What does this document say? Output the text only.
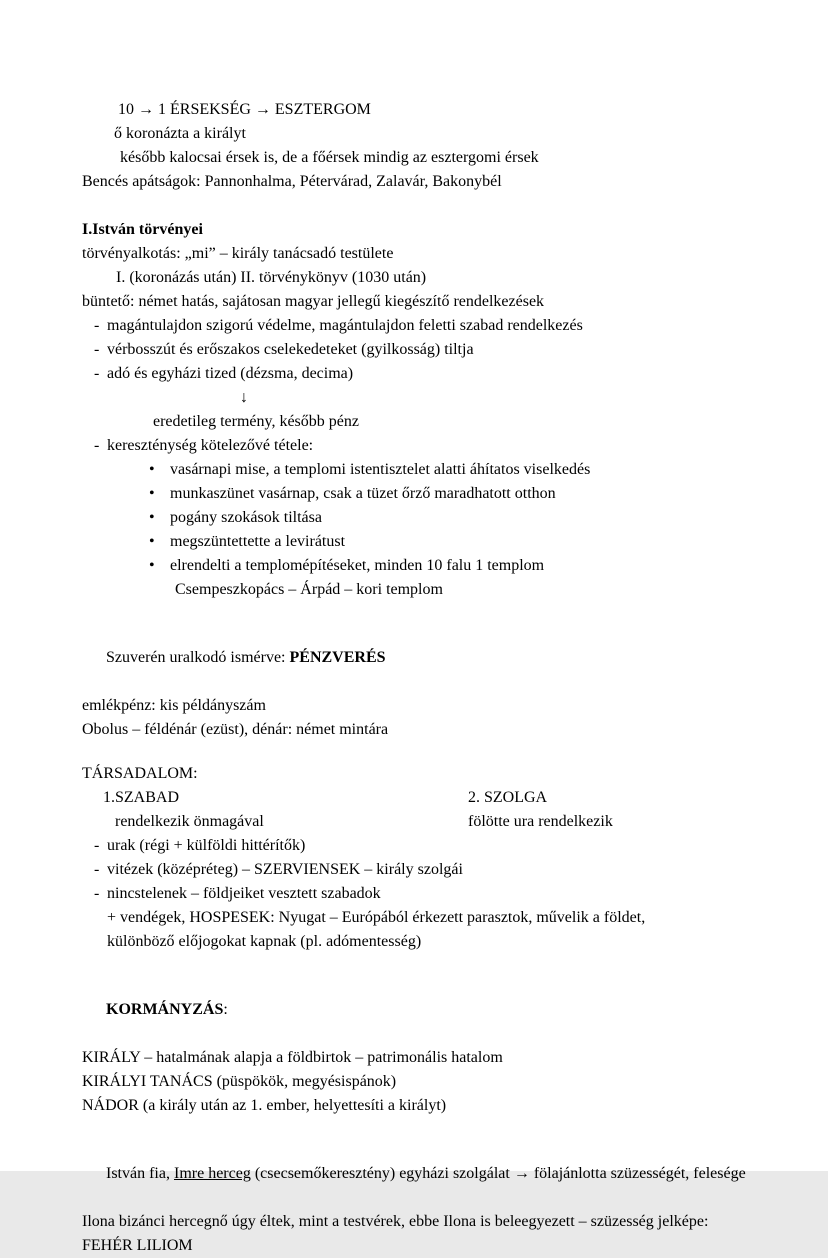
10 → 1 ÉRSEKSÉG → ESZTERGOM
ő koronázta a királyt
később kalocsai érsek is, de a főérsek mindig az esztergomi érsek
Bencés apátságok: Pannonhalma, Pétervárad, Zalavár, Bakonybél
I.István törvényei
törvényalkotás: „mi” – király tanácsadó testülete
I. (koronázás után) II. törvénykönyv (1030 után)
büntető: német hatás, sajátosan magyar jellegű kiegészítő rendelkezések
- magántulajdon szigorú védelme, magántulajdon feletti szabad rendelkezés
- vérbosszút és erőszakos cselekedeteket (gyilkosság) tiltja
- adó és egyházi tized (dézsma, decima)
↓
eredetileg termény, később pénz
- kereszténység kötelezővé tétele:
• vasárnapi mise, a templomi istentisztelet alatti áhítatos viselkedés
• munkaszünet vasárnap, csak a tüzet őrző maradhatott otthon
• pogány szokások tiltása
• megszüntettette a levirátust
• elrendelti a templomépítéseket, minden 10 falu 1 templom
Csempeszkopács – Árpád – kori templom

Szuverén uralkodó ismérve: PÉNZVERÉS

emlékpénz: kis példányszám
Obolus – féldénár (ezüst), dénár: német mintára
TÁRSADALOM:
1.SZABAD	2. SZOLGA
rendelkezik önmagával	fölötte ura rendelkezik
- urak (régi + külföldi hittérítők)
- vitézek (középréteg) – SZERVIENSEK – király szolgái
- nincstelenek – földjeiket vesztett szabadok
+ vendégek, HOSPESEK: Nyugat – Európából érkezett parasztok, művelik a földet,
különböző előjogokat kapnak (pl. adómentesség)

KORMÁNYZÁS:

KIRÁLY – hatalmának alapja a földbirtok – patrimonális hatalom
KIRÁLYI TANÁCS (püspökök, megyésispánok)
NÁDOR (a király után az 1. ember, helyettesíti a királyt)

István fia, Imre herceg (csecsemőkeresztény) egyházi szolgálat → fölajánlotta szüzességét, felesége

Ilona bizánci hercegnő úgy éltek, mint a testvérek, ebbe Ilona is beleegyezett – szüzesség jelképe:
FEHÉR LILIOM
